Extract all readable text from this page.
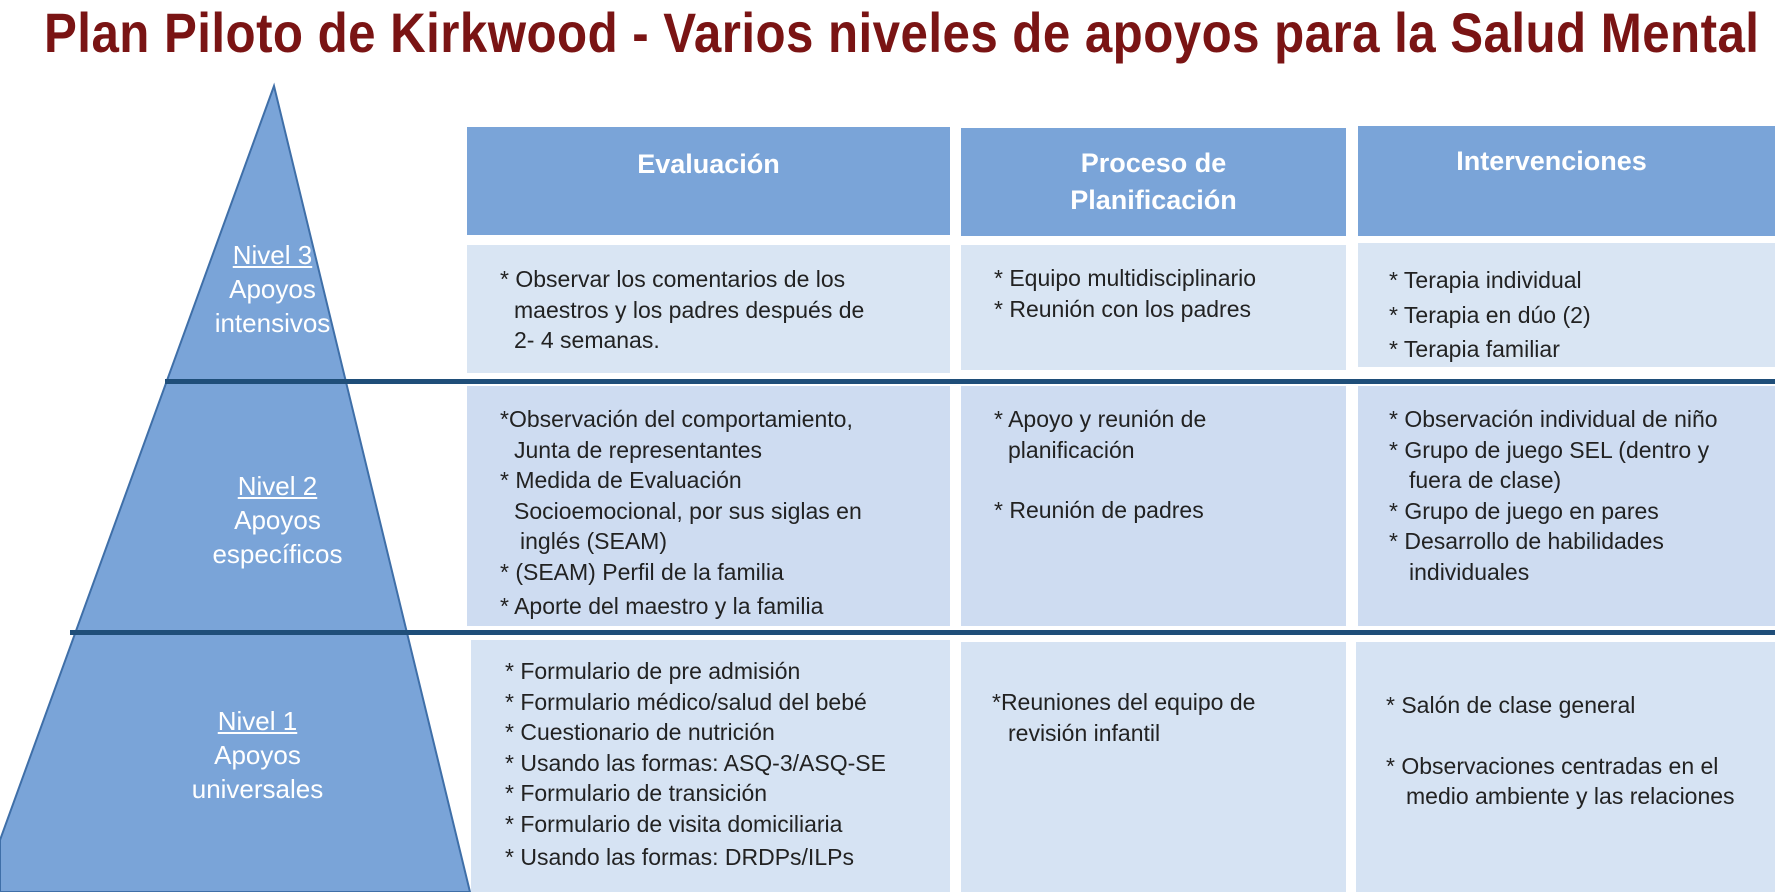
Plan Piloto de Kirkwood - Varios niveles de apoyos para la Salud Mental
Nivel 3
Apoyos
intensivos
Nivel 2
Apoyos
específicos
Nivel 1
Apoyos
universales
Evaluación	Proceso de
Planificación
Intervenciones
* Observar los comentarios de los
maestros y los padres después de
2- 4 semanas.
* Equipo multidisciplinario
* Reunión con los padres
* Terapia individual
* Terapia en dúo (2)
* Terapia familiar
*Observación del comportamiento,
Junta de representantes
* Medida de Evaluación
Socioemocional, por sus siglas en
inglés (SEAM)
* (SEAM) Perfil de la familia
* Aporte del maestro y la familia
* Apoyo y reunión de
planificación
* Reunión de padres
* Observación individual de niño
* Grupo de juego SEL (dentro y
fuera de clase)
* Grupo de juego en pares
* Desarrollo de habilidades
individuales
* Formulario de pre admisión
* Formulario médico/salud del bebé
* Cuestionario de nutrición
* Usando las formas: ASQ-3/ASQ-SE
* Formulario de transición
* Formulario de visita domiciliaria
* Usando las formas: DRDPs/ILPs
*Reuniones del equipo de
revisión infantil
* Salón de clase general
* Observaciones centradas en el
medio ambiente y las relaciones
